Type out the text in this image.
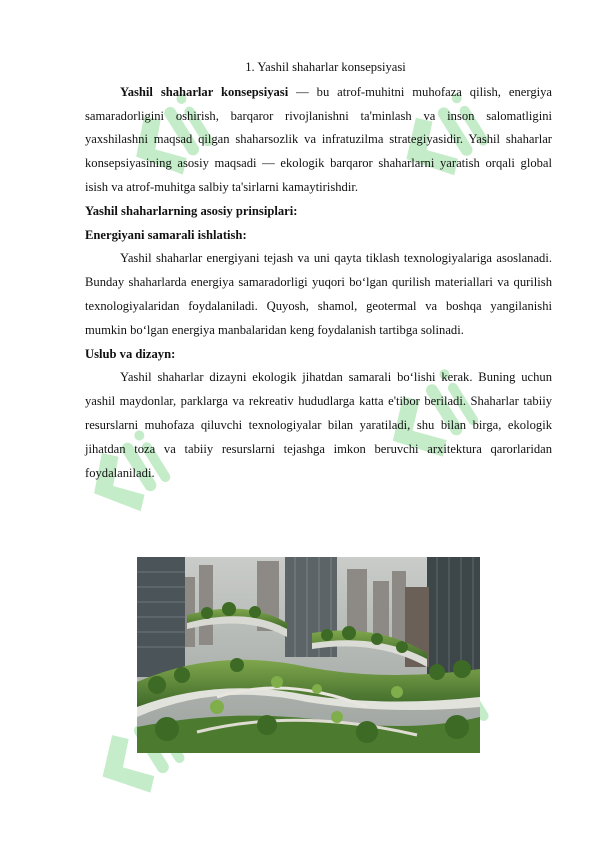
1. Yashil shaharlar konsepsiyasi

Yashil shaharlar konsepsiyasi — bu atrof-muhitni muhofaza qilish, energiya samaradorligini oshirish, barqaror rivojlanishni ta'minlash va inson salomatligini yaxshilashni maqsad qilgan shaharsozlik va infratuzilma strategiyasidir. Yashil shaharlar konsepsiyasining asosiy maqsadi — ekologik barqaror shaharlarni yaratish orqali global isish va atrof-muhitga salbiy ta'sirlarni kamaytirishdir.

Yashil shaharlarning asosiy prinsiplari:

Energiyani samarali ishlatish:

Yashil shaharlar energiyani tejash va uni qayta tiklash texnologiyalariga asoslanadi. Bunday shaharlarda energiya samaradorligi yuqori bo‘lgan qurilish materiallari va qurilish texnologiyalaridan foydalaniladi. Quyosh, shamol, geotermal va boshqa yangilanishi mumkin bo‘lgan energiya manbalaridan keng foydalanish tartibga solinadi.

Uslub va dizayn:

Yashil shaharlar dizayni ekologik jihatdan samarali bo‘lishi kerak. Buning uchun yashil maydonlar, parklarga va rekreativ hududlarga katta e'tibor beriladi. Shaharlar tabiiy resurslarni muhofaza qiluvchi texnologiyalar bilan yaratiladi, shu bilan birga, ekologik jihatdan toza va tabiiy resurslarni tejashga imkon beruvchi arxitektura qarorlaridan foydalaniladi.
